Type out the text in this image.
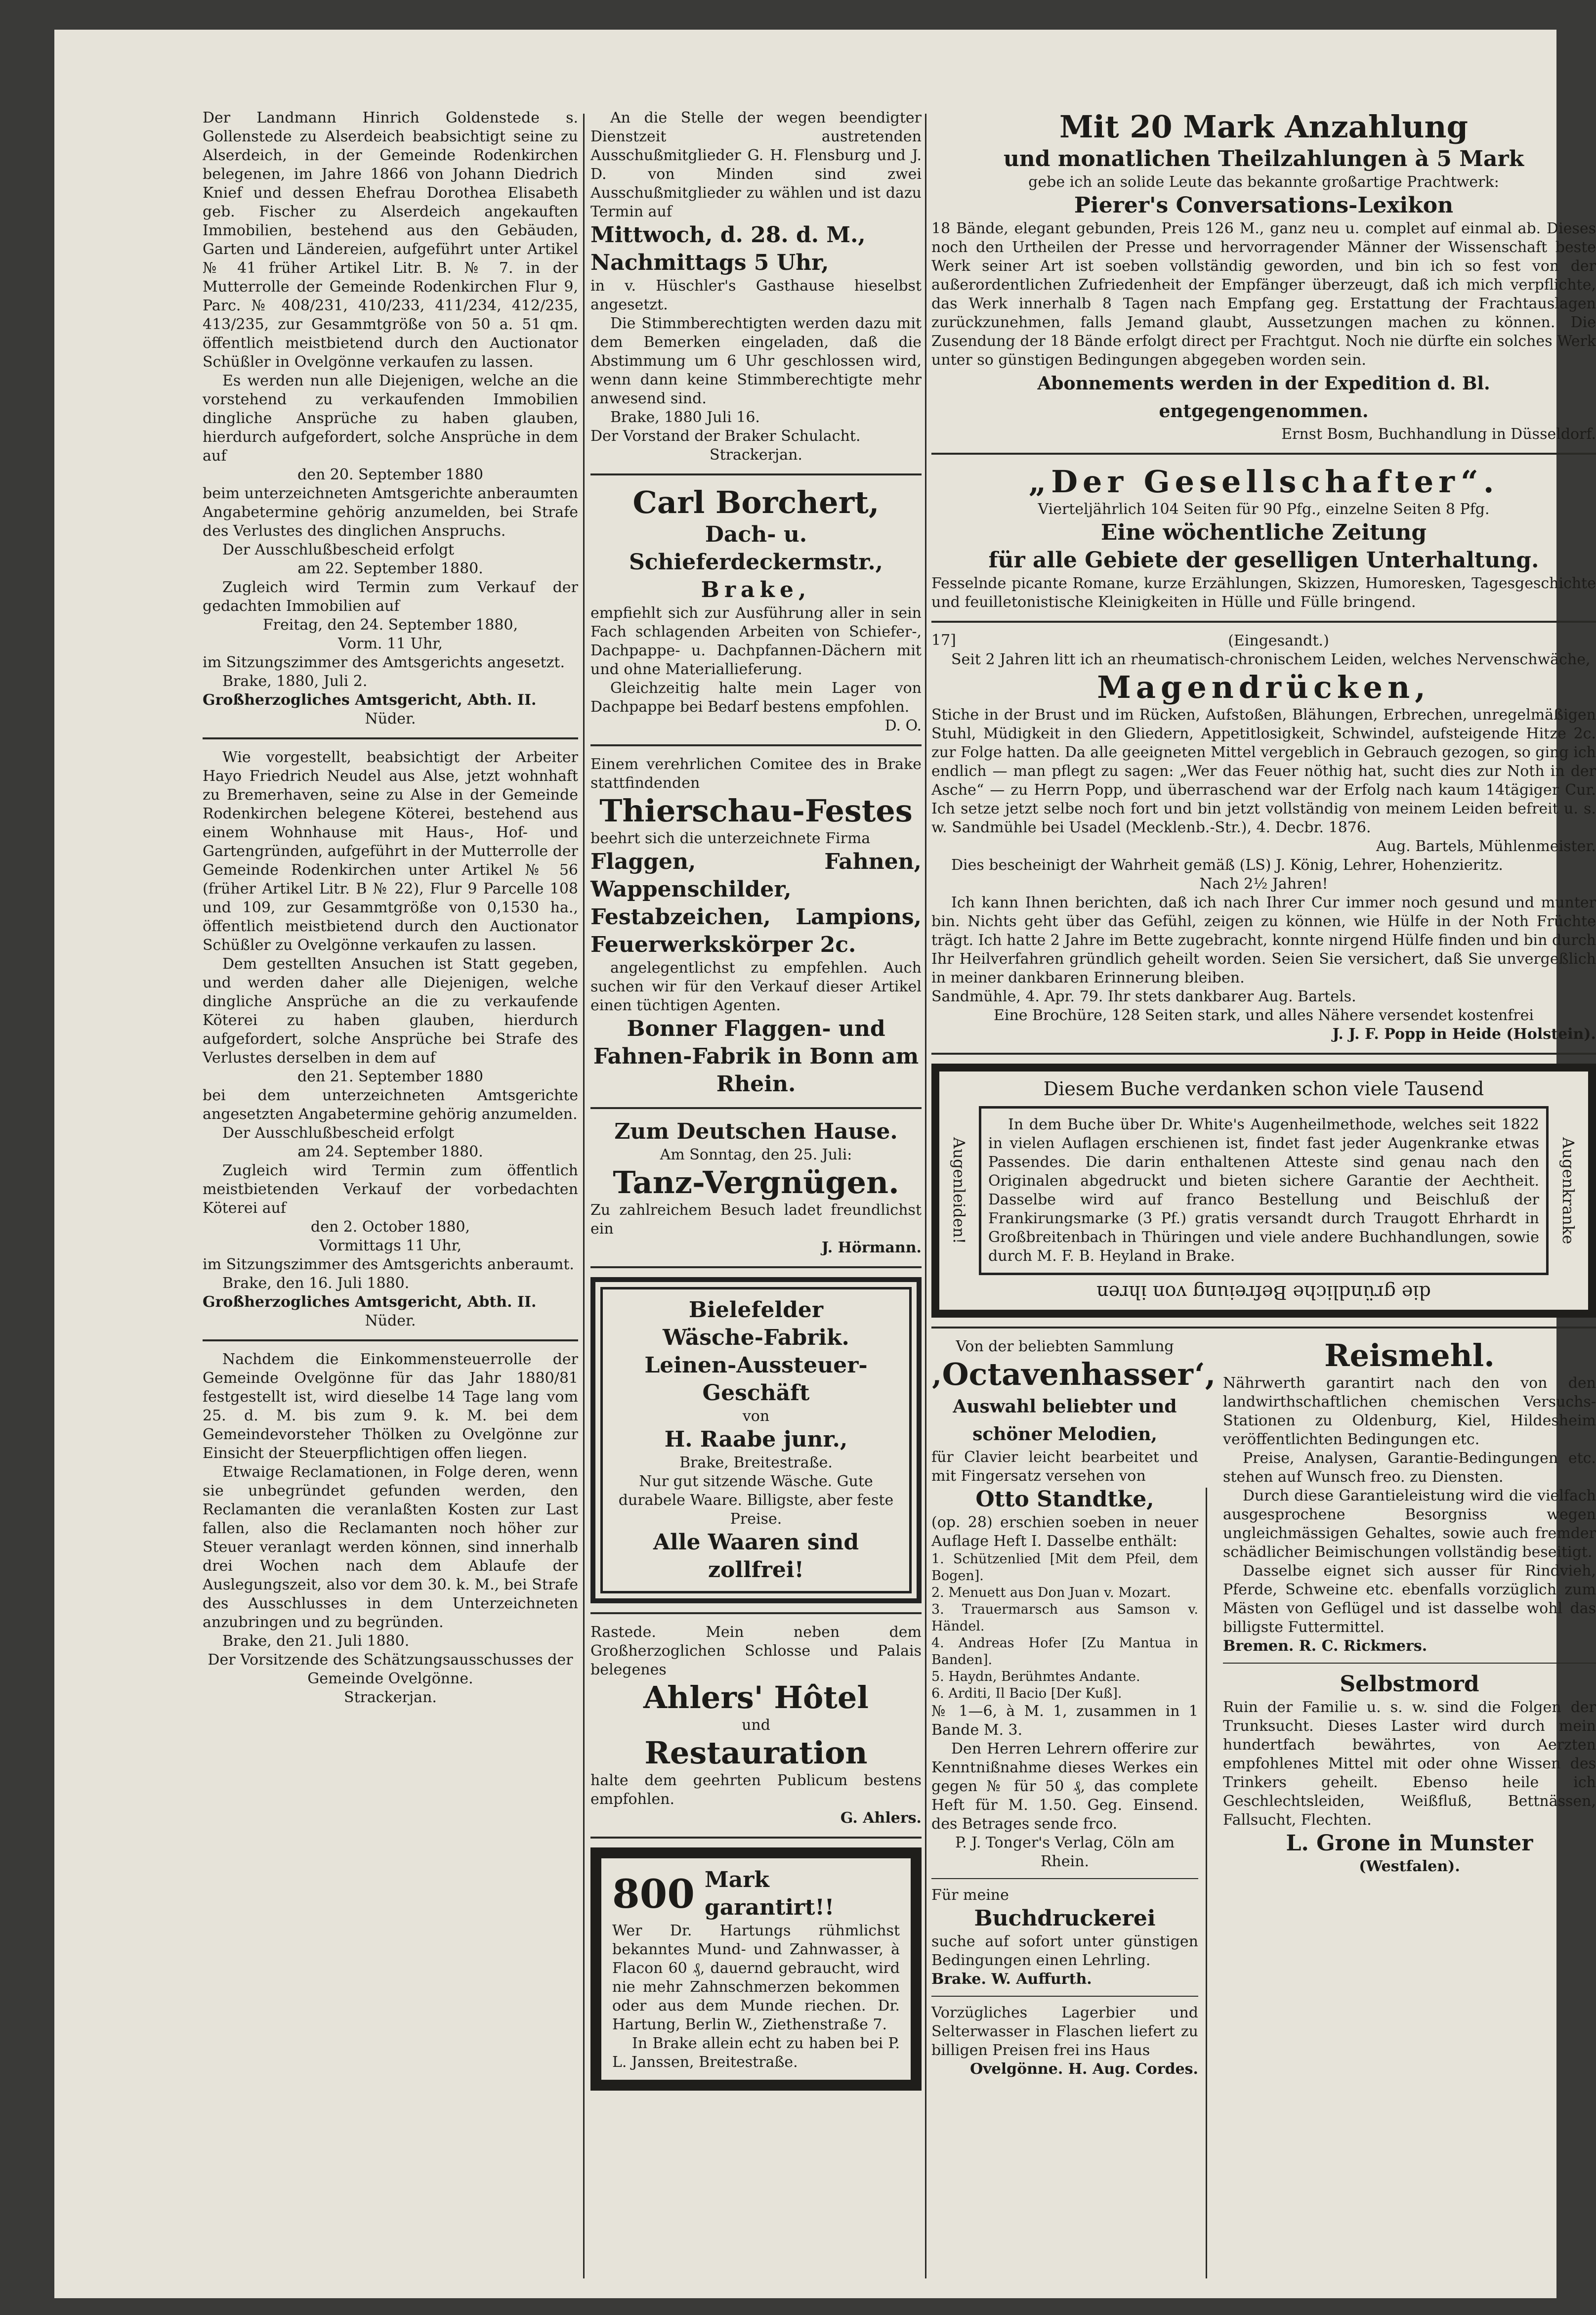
Der Landmann Hinrich Goldenstede s. Gollenstede zu Alserdeich beabsichtigt seine zu Alserdeich, in der Gemeinde Rodenkirchen belegenen, im Jahre 1866 von Johann Diedrich Knief und dessen Ehefrau Dorothea Elisabeth geb. Fischer zu Alserdeich angekauften Immobilien, bestehend aus den Gebäuden, Garten und Ländereien, aufgeführt unter Artikel № 41 früher Artikel Litr. B. № 7. in der Mutterrolle der Gemeinde Rodenkirchen Flur 9, Parc. № 408/231, 410/233, 411/234, 412/235, 413/235, zur Gesammtgröße von 50 a. 51 qm. öffentlich meistbietend durch den Auctionator Schüßler in Ovelgönne verkaufen zu lassen.

Es werden nun alle Diejenigen, welche an die vorstehend zu verkaufenden Immobilien dingliche Ansprüche zu haben glauben, hierdurch aufgefordert, solche Ansprüche in dem auf

den 20. September 1880

beim unterzeichneten Amtsgerichte anberaumten Angabetermine gehörig anzumelden, bei Strafe des Verlustes des dinglichen Anspruchs.

Der Ausschlußbescheid erfolgt

am 22. September 1880.

Zugleich wird Termin zum Verkauf der gedachten Immobilien auf

Freitag, den 24. September 1880,

Vorm. 11 Uhr,

im Sitzungszimmer des Amtsgerichts angesetzt.

Brake, 1880, Juli 2.

Großherzogliches Amtsgericht, Abth. II.

Nüder.

Wie vorgestellt, beabsichtigt der Arbeiter Hayo Friedrich Neudel aus Alse, jetzt wohnhaft zu Bremerhaven, seine zu Alse in der Gemeinde Rodenkirchen belegene Köterei, bestehend aus einem Wohnhause mit Haus-, Hof- und Gartengründen, aufgeführt in der Mutterrolle der Gemeinde Rodenkirchen unter Artikel № 56 (früher Artikel Litr. B № 22), Flur 9 Parcelle 108 und 109, zur Gesammtgröße von 0,1530 ha., öffentlich meistbietend durch den Auctionator Schüßler zu Ovelgönne verkaufen zu lassen.

Dem gestellten Ansuchen ist Statt gegeben, und werden daher alle Diejenigen, welche dingliche Ansprüche an die zu verkaufende Köterei zu haben glauben, hierdurch aufgefordert, solche Ansprüche bei Strafe des Verlustes derselben in dem auf

den 21. September 1880

bei dem unterzeichneten Amtsgerichte angesetzten Angabetermine gehörig anzumelden.

Der Ausschlußbescheid erfolgt

am 24. September 1880.

Zugleich wird Termin zum öffentlich meistbietenden Verkauf der vorbedachten Köterei auf

den 2. October 1880,

Vormittags 11 Uhr,

im Sitzungszimmer des Amtsgerichts anberaumt.

Brake, den 16. Juli 1880.

Großherzogliches Amtsgericht, Abth. II.

Nüder.

Nachdem die Einkommensteuerrolle der Gemeinde Ovelgönne für das Jahr 1880/81 festgestellt ist, wird dieselbe 14 Tage lang vom 25. d. M. bis zum 9. k. M. bei dem Gemeindevorsteher Thölken zu Ovelgönne zur Einsicht der Steuerpflichtigen offen liegen.

Etwaige Reclamationen, in Folge deren, wenn sie unbegründet gefunden werden, den Reclamanten die veranlaßten Kosten zur Last fallen, also die Reclamanten noch höher zur Steuer veranlagt werden können, sind innerhalb drei Wochen nach dem Ablaufe der Auslegungszeit, also vor dem 30. k. M., bei Strafe des Ausschlusses in dem Unterzeichneten anzubringen und zu begründen.

Brake, den 21. Juli 1880.

Der Vorsitzende des Schätzungsausschusses der Gemeinde Ovelgönne.

Strackerjan.

An die Stelle der wegen beendigter Dienstzeit austretenden Ausschußmitglieder G. H. Flensburg und J. D. von Minden sind zwei Ausschußmitglieder zu wählen und ist dazu Termin auf

Mittwoch, d. 28. d. M.,

Nachmittags 5 Uhr,

in v. Hüschler's Gasthause hieselbst angesetzt.

Die Stimmberechtigten werden dazu mit dem Bemerken eingeladen, daß die Abstimmung um 6 Uhr geschlossen wird, wenn dann keine Stimmberechtigte mehr anwesend sind.

Brake, 1880 Juli 16.

Der Vorstand der Braker Schulacht.

Strackerjan.

Carl Borchert,

Dach- u. Schieferdeckermstr.,

Brake,

empfiehlt sich zur Ausführung aller in sein Fach schlagenden Arbeiten von Schiefer-, Dachpappe- u. Dachpfannen-Dächern mit und ohne Materiallieferung.

Gleichzeitig halte mein Lager von Dachpappe bei Bedarf bestens empfohlen.

D. O.

Einem verehrlichen Comitee des in Brake stattfindenden

Thierschau-Festes

beehrt sich die unterzeichnete Firma

Flaggen, Fahnen, Wappenschilder, Festabzeichen, Lampions, Feuerwerkskörper 2c.

angelegentlichst zu empfehlen. Auch suchen wir für den Verkauf dieser Artikel einen tüchtigen Agenten.

Bonner Flaggen- und Fahnen-Fabrik in Bonn am Rhein.

Zum Deutschen Hause.

Am Sonntag, den 25. Juli:

Tanz-Vergnügen.

Zu zahlreichem Besuch ladet freundlichst ein

J. Hörmann.

Bielefelder

Wäsche-Fabrik.

Leinen-Aussteuer-Geschäft

von

H. Raabe junr.,

Brake, Breitestraße.

Nur gut sitzende Wäsche. Gute durabele Waare. Billigste, aber feste Preise.

Alle Waaren sind zollfrei!

Rastede. Mein neben dem Großherzoglichen Schlosse und Palais belegenes

Ahlers' Hôtel

und

Restauration

halte dem geehrten Publicum bestens empfohlen.

G. Ahlers.

800 Mark garantirt!!

Wer Dr. Hartungs rühmlichst bekanntes Mund- und Zahnwasser, à Flacon 60 ₰, dauernd gebraucht, wird nie mehr Zahnschmerzen bekommen oder aus dem Munde riechen. Dr. Hartung, Berlin W., Ziethenstraße 7.

In Brake allein echt zu haben bei P. L. Janssen, Breitestraße.

Mit 20 Mark Anzahlung

und monatlichen Theilzahlungen à 5 Mark

gebe ich an solide Leute das bekannte großartige Prachtwerk:

Pierer's Conversations-Lexikon

18 Bände, elegant gebunden, Preis 126 M., ganz neu u. complet auf einmal ab. Dieses noch den Urtheilen der Presse und hervorragender Männer der Wissenschaft beste Werk seiner Art ist soeben vollständig geworden, und bin ich so fest von der außerordentlichen Zufriedenheit der Empfänger überzeugt, daß ich mich verpflichte, das Werk innerhalb 8 Tagen nach Empfang geg. Erstattung der Frachtauslagen zurückzunehmen, falls Jemand glaubt, Aussetzungen machen zu können. Die Zusendung der 18 Bände erfolgt direct per Frachtgut. Noch nie dürfte ein solches Werk unter so günstigen Bedingungen abgegeben worden sein.

Abonnements werden in der Expedition d. Bl. entgegengenommen.

Ernst Bosm, Buchhandlung in Düsseldorf.

„Der Gesellschafter“.

Vierteljährlich 104 Seiten für 90 Pfg., einzelne Seiten 8 Pfg.

Eine wöchentliche Zeitung

für alle Gebiete der geselligen Unterhaltung.

Fesselnde picante Romane, kurze Erzählungen, Skizzen, Humoresken, Tagesgeschichte und feuilletonistische Kleinigkeiten in Hülle und Fülle bringend.

17]	(Eingesandt.)

Seit 2 Jahren litt ich an rheumatisch-chronischem Leiden, welches Nervenschwäche,

Magendrücken,

Stiche in der Brust und im Rücken, Aufstoßen, Blähungen, Erbrechen, unregelmäßigen Stuhl, Müdigkeit in den Gliedern, Appetitlosigkeit, Schwindel, aufsteigende Hitze 2c. zur Folge hatten. Da alle geeigneten Mittel vergeblich in Gebrauch gezogen, so ging ich endlich — man pflegt zu sagen: „Wer das Feuer nöthig hat, sucht dies zur Noth in der Asche“ — zu Herrn Popp, und überraschend war der Erfolg nach kaum 14tägiger Cur. Ich setze jetzt selbe noch fort und bin jetzt vollständig von meinem Leiden befreit u. s. w. Sandmühle bei Usadel (Mecklenb.-Str.), 4. Decbr. 1876.

Aug. Bartels, Mühlenmeister.

Dies bescheinigt der Wahrheit gemäß (LS) J. König, Lehrer, Hohenzieritz.

Nach 2½ Jahren!

Ich kann Ihnen berichten, daß ich nach Ihrer Cur immer noch gesund und munter bin. Nichts geht über das Gefühl, zeigen zu können, wie Hülfe in der Noth Früchte trägt. Ich hatte 2 Jahre im Bette zugebracht, konnte nirgend Hülfe finden und bin durch Ihr Heilverfahren gründlich geheilt worden. Seien Sie versichert, daß Sie unvergeßlich in meiner dankbaren Erinnerung bleiben.

Sandmühle, 4. Apr. 79. Ihr stets dankbarer Aug. Bartels.

Eine Brochüre, 128 Seiten stark, und alles Nähere versendet kostenfrei

J. J. F. Popp in Heide (Holstein).

Diesem Buche verdanken schon viele Tausend

Augenleiden!

In dem Buche über Dr. White's Augenheilmethode, welches seit 1822 in vielen Auflagen erschienen ist, findet fast jeder Augenkranke etwas Passendes. Die darin enthaltenen Atteste sind genau nach den Originalen abgedruckt und bieten sichere Garantie der Aechtheit. Dasselbe wird auf franco Bestellung und Beischluß der Frankirungsmarke (3 Pf.) gratis versandt durch Traugott Ehrhardt in Großbreitenbach in Thüringen und viele andere Buchhandlungen, sowie durch M. F. B. Heyland in Brake.

Augenkranke

die gründliche Befreiung von ihren

Von der beliebten Sammlung

‚Octavenhasser‘,

Auswahl beliebter und schöner Melodien,

für Clavier leicht bearbeitet und mit Fingersatz versehen von

Otto Standtke,

(op. 28) erschien soeben in neuer Auflage Heft I. Dasselbe enthält:

1. Schützenlied [Mit dem Pfeil, dem Bogen].

2. Menuett aus Don Juan v. Mozart.

3. Trauermarsch aus Samson v. Händel.

4. Andreas Hofer [Zu Mantua in Banden].

5. Haydn, Berühmtes Andante.

6. Arditi, Il Bacio [Der Kuß].

№ 1—6, à M. 1, zusammen in 1 Bande M. 3.

Den Herren Lehrern offerire zur Kenntnißnahme dieses Werkes ein gegen № für 50 ₰, das complete Heft für M. 1.50. Geg. Einsend. des Betrages sende frco.

P. J. Tonger's Verlag, Cöln am Rhein.

Für meine

Buchdruckerei

suche auf sofort unter günstigen Bedingungen einen Lehrling.

Brake. W. Auffurth.

Vorzügliches Lagerbier und Selterwasser in Flaschen liefert zu billigen Preisen frei ins Haus

Ovelgönne. H. Aug. Cordes.

Reismehl.

Nährwerth garantirt nach den von den landwirthschaftlichen chemischen Versuchs-Stationen zu Oldenburg, Kiel, Hildesheim veröffentlichten Bedingungen etc.

Preise, Analysen, Garantie-Bedingungen etc. stehen auf Wunsch freo. zu Diensten.

Durch diese Garantieleistung wird die vielfach ausgesprochene Besorgniss wegen ungleichmässigen Gehaltes, sowie auch fremder schädlicher Beimischungen vollständig beseitigt.

Dasselbe eignet sich ausser für Rindvieh, Pferde, Schweine etc. ebenfalls vorzüglich zum Mästen von Geflügel und ist dasselbe wohl das billigste Futtermittel.

Bremen. R. C. Rickmers.

Selbstmord

Ruin der Familie u. s. w. sind die Folgen der Trunksucht. Dieses Laster wird durch mein hundertfach bewährtes, von Aerzten empfohlenes Mittel mit oder ohne Wissen des Trinkers geheilt. Ebenso heile ich Geschlechtsleiden, Weißfluß, Bettnässen, Fallsucht, Flechten.

L. Grone in Munster

(Westfalen).
